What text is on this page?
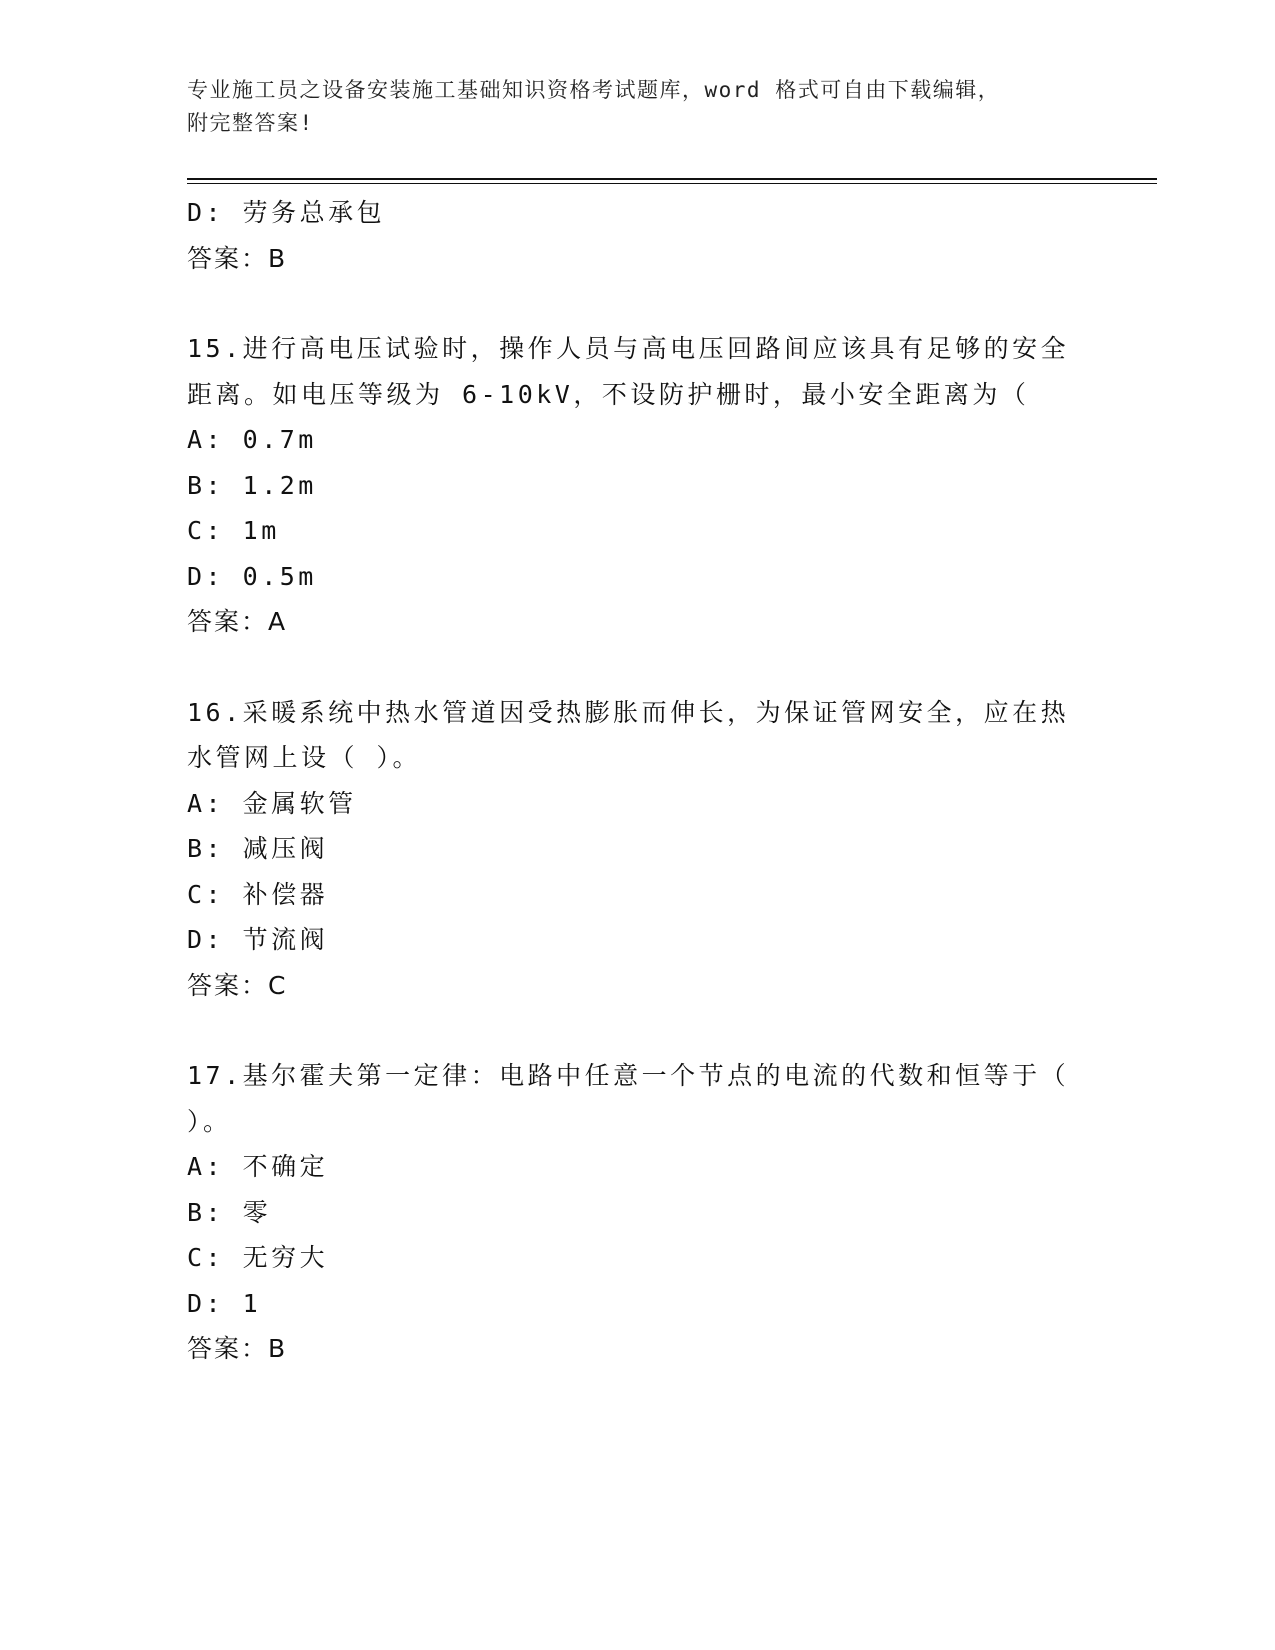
专业施工员之设备安装施工基础知识资格考试题库，word 格式可自由下载编辑，
附完整答案!
D: 劳务总承包
答案：B
15.进行高电压试验时，操作人员与高电压回路间应该具有足够的安全
距离。如电压等级为 6-10kV，不设防护栅时，最小安全距离为（
A: 0.7m
B: 1.2m
C: 1m
D: 0.5m
答案：A
16.采暖系统中热水管道因受热膨胀而伸长，为保证管网安全，应在热
水管网上设（ ）。
A: 金属软管
B: 减压阀
C: 补偿器
D: 节流阀
答案：C
17.基尔霍夫第一定律：电路中任意一个节点的电流的代数和恒等于（
）。
A: 不确定
B: 零
C: 无穷大
D: 1
答案：B
